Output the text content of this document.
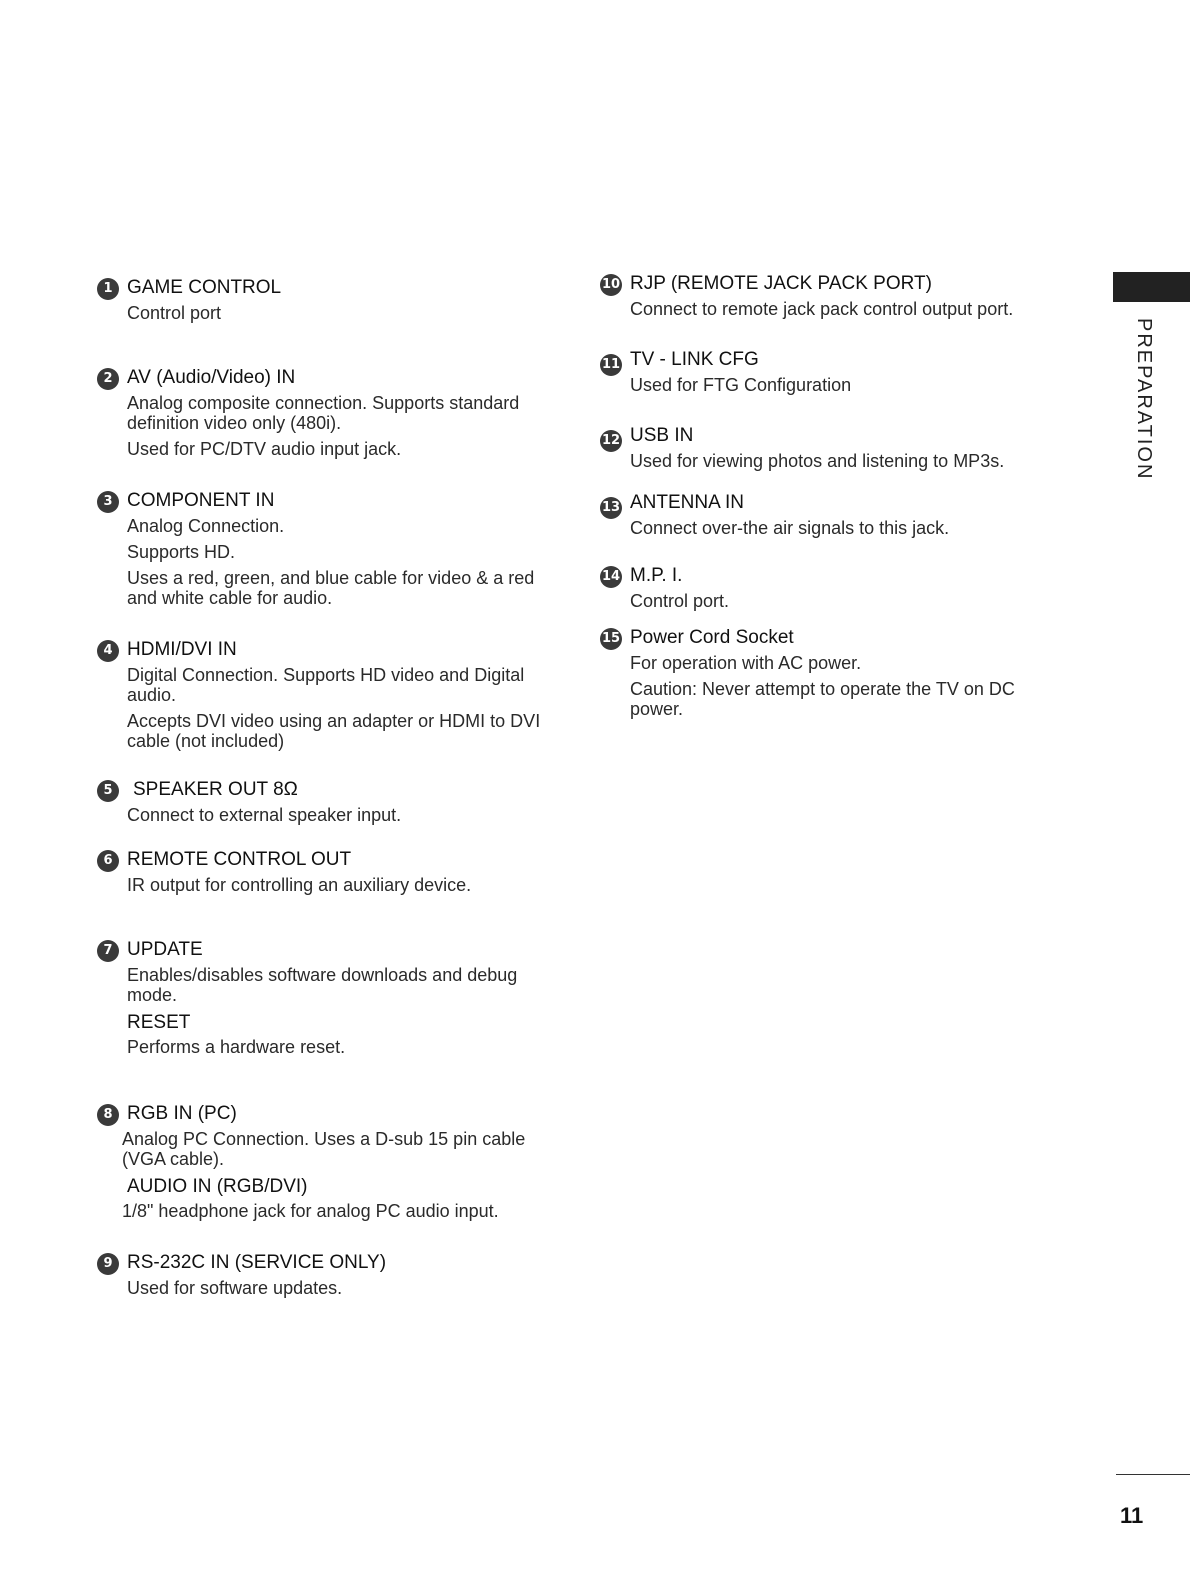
1 GAME CONTROL
Control port
2 AV (Audio/Video) IN
Analog composite connection. Supports standard definition video only (480i).
Used for PC/DTV audio input jack.
3 COMPONENT IN
Analog Connection.
Supports HD.
Uses a red, green, and blue cable for video & a red and white cable for audio.
4 HDMI/DVI IN
Digital Connection. Supports HD video and Digital audio.
Accepts DVI video using an adapter or HDMI to DVI cable (not included)
5	SPEAKER OUT 8Ω
Connect to external speaker input.
6 REMOTE CONTROL OUT
IR output for controlling an auxiliary device.
7 UPDATE
Enables/disables software downloads and debug mode.
RESET
Performs a hardware reset.
8 RGB IN (PC)
Analog PC Connection. Uses a D-sub 15 pin cable (VGA cable).
AUDIO IN (RGB/DVI)
1/8" headphone jack for analog PC audio input.
9 RS-232C IN (SERVICE ONLY)
Used for software updates.
10 RJP (REMOTE JACK PACK PORT)
Connect to remote jack pack control output port.
11 TV - LINK CFG
Used for FTG Configuration
12 USB IN
Used for viewing photos and listening to MP3s.
13 ANTENNA IN
Connect over-the air signals to this jack.
14 M.P. I.
Control port.
15 Power Cord Socket
For operation with AC power.
Caution: Never attempt to operate the TV on DC power.
PREPARATION
11
